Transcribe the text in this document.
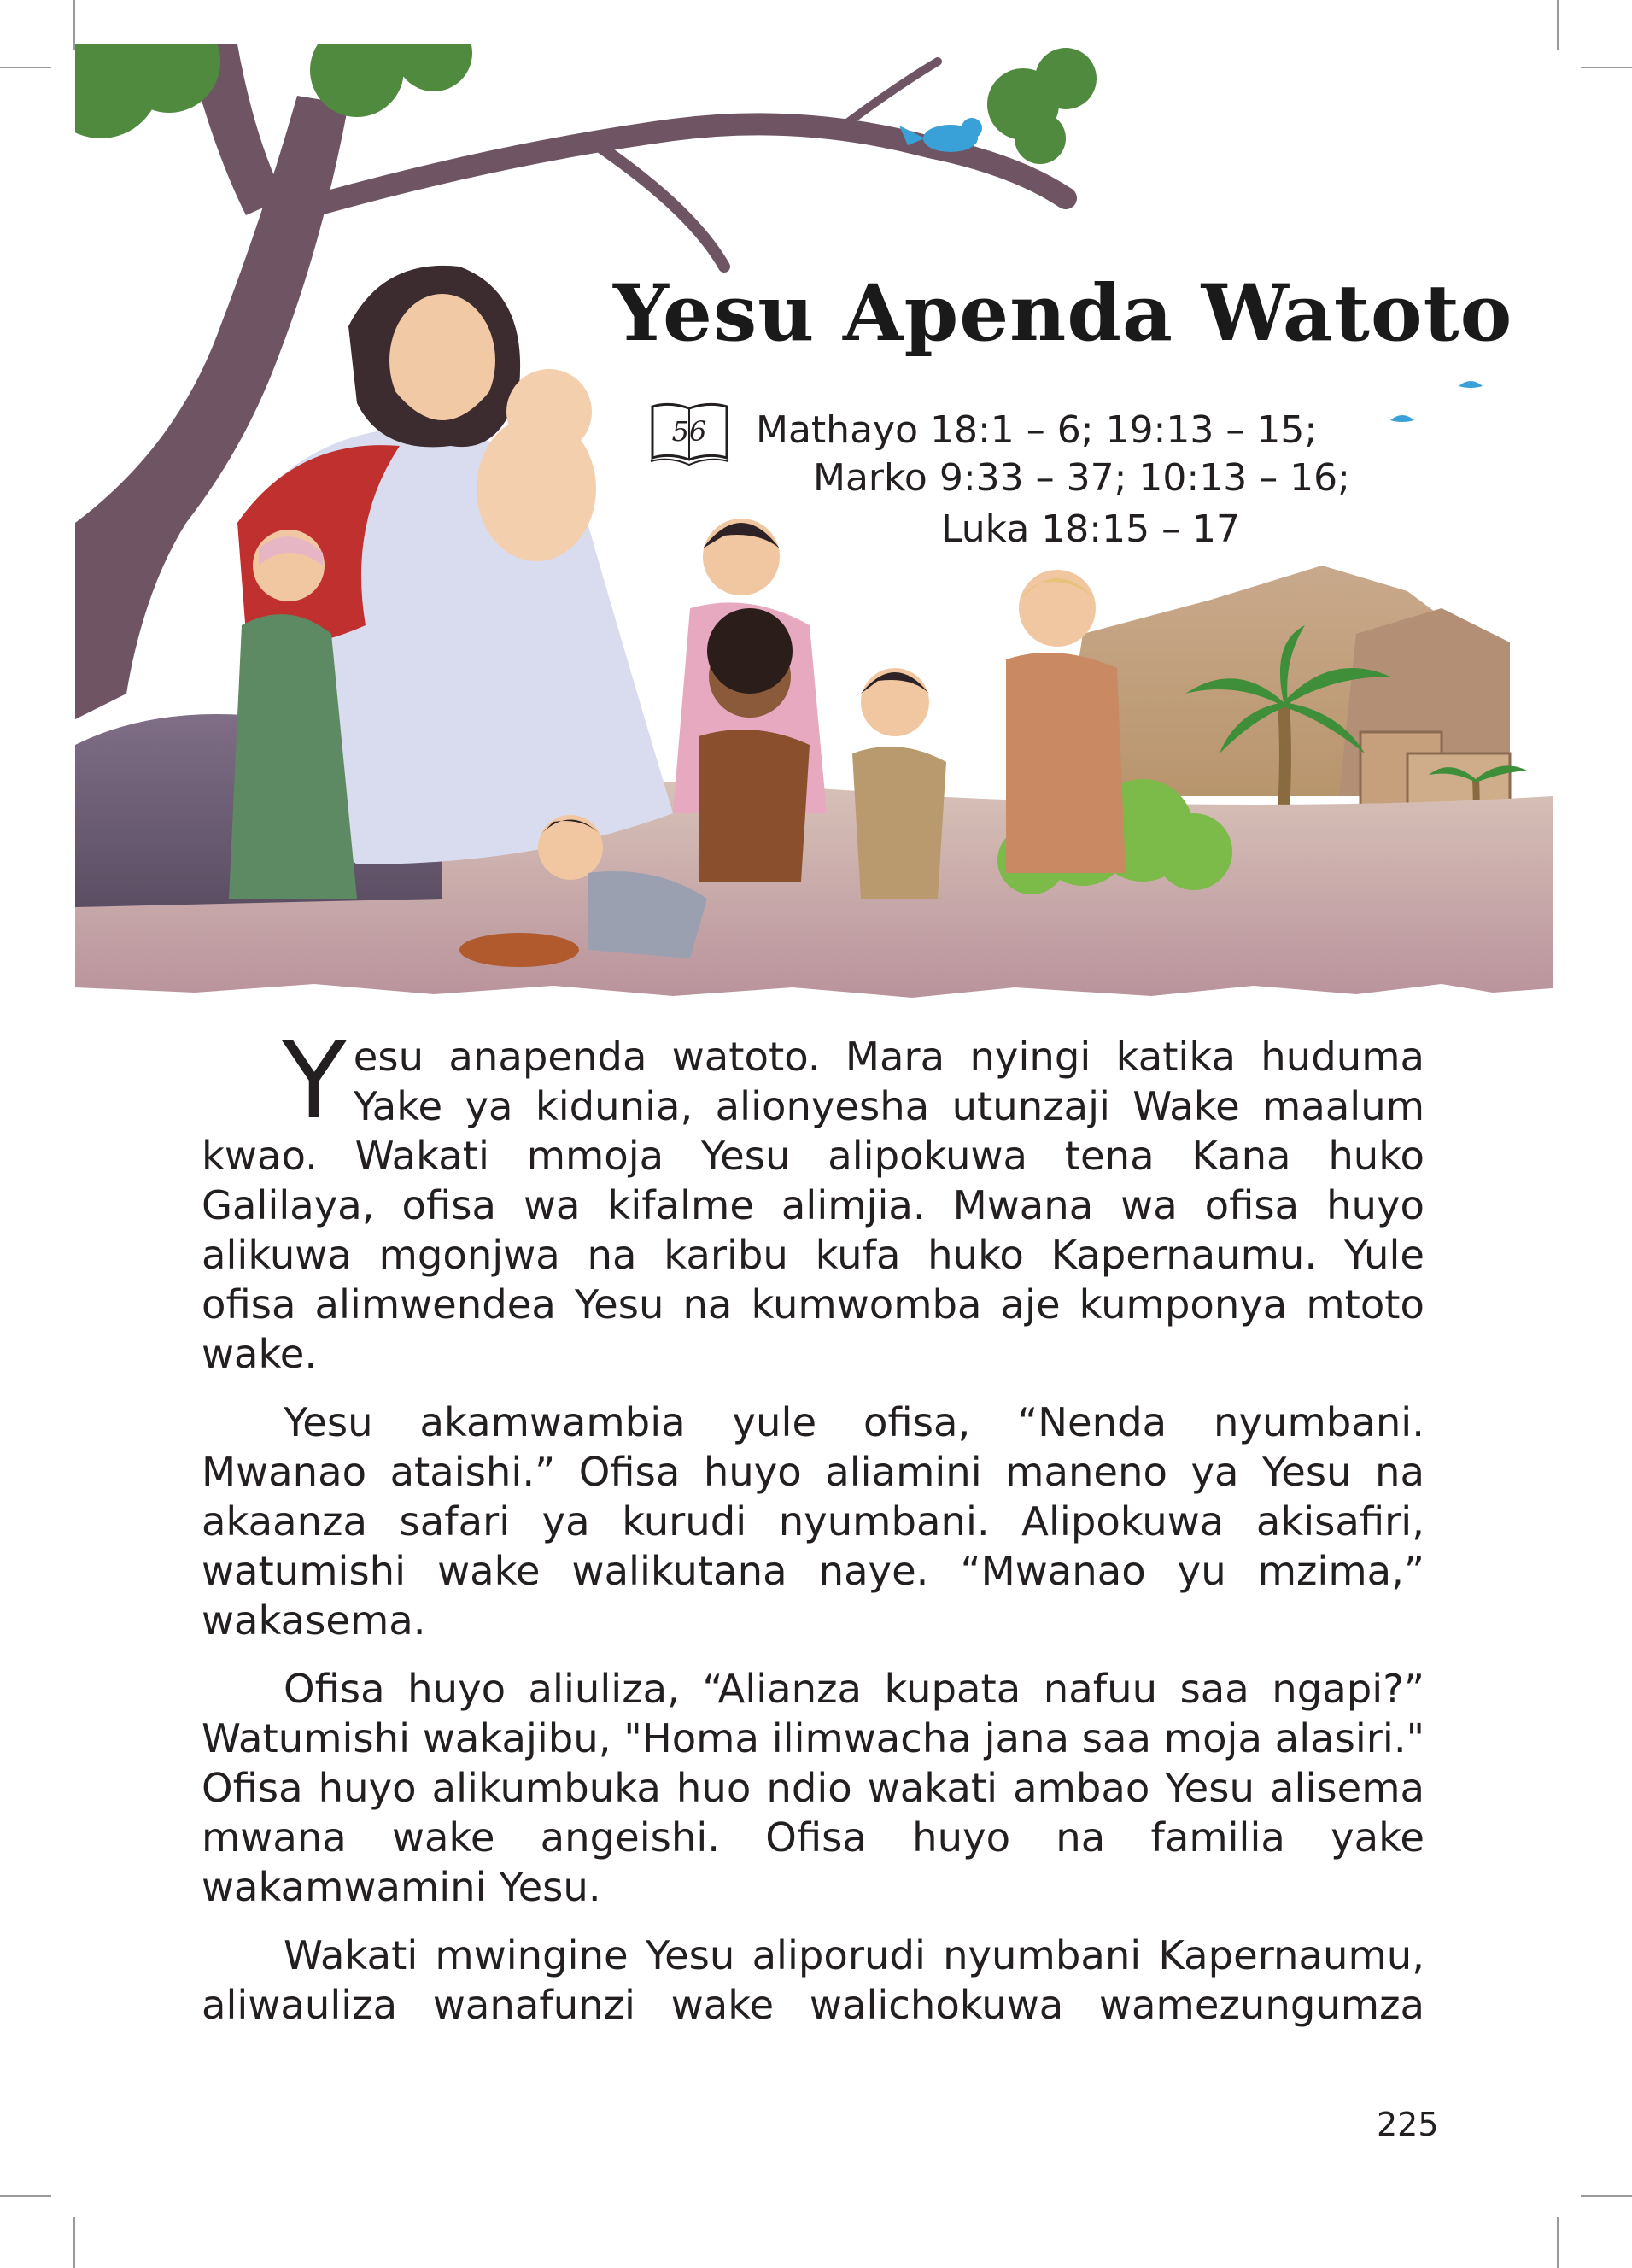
Yesu Apenda Watoto
56 Mathayo 18:1 – 6; 19:13 – 15;
Marko 9:33 – 37; 10:13 – 16;
Luka 18:15 – 17

Yesu anapenda watoto. Mara nyingi katika huduma Yake ya kidunia, alionyesha utunzaji Wake maalum kwao. Wakati mmoja Yesu alipokuwa tena Kana huko Galilaya, ofisa wa kifalme alimjia. Mwana wa ofisa huyo alikuwa mgonjwa na karibu kufa huko Kapernaumu. Yule ofisa alimwendea Yesu na kumwomba aje kumponya mtoto wake.

Yesu akamwambia yule ofisa, “Nenda nyumbani. Mwanao ataishi.” Ofisa huyo aliamini maneno ya Yesu na akaanza safari ya kurudi nyumbani. Alipokuwa akisafiri, watumishi wake walikutana naye. “Mwanao yu mzima,” wakasema.

Ofisa huyo aliuliza, “Alianza kupata nafuu saa ngapi?” Watumishi wakajibu, "Homa ilimwacha jana saa moja alasiri." Ofisa huyo alikumbuka huo ndio wakati ambao Yesu alisema mwana wake angeishi. Ofisa huyo na familia yake wakamwamini Yesu.

Wakati mwingine Yesu aliporudi nyumbani Kapernaumu, aliwauliza wanafunzi wake walichokuwa wamezungumza

225
